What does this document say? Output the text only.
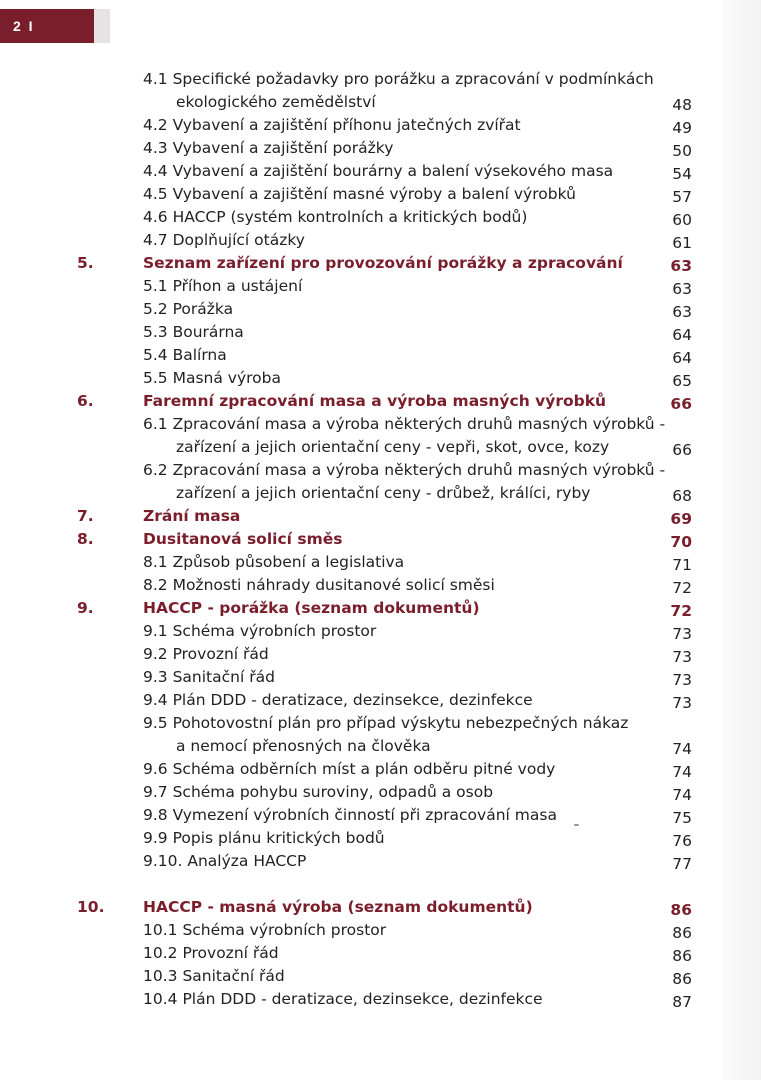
2 I
4.1 Specifické požadavky pro porážku a zpracování v podmínkách
ekologického zemědělství	48
4.2 Vybavení a zajištění příhonu jatečných zvířat	49
4.3 Vybavení a zajištění porážky	50
4.4 Vybavení a zajištění bourárny a balení výsekového masa	54
4.5 Vybavení a zajištění masné výroby a balení výrobků	57
4.6 HACCP (systém kontrolních a kritických bodů)	60
4.7 Doplňující otázky	61
5.	Seznam zařízení pro provozování porážky a zpracování	63
5.1 Příhon a ustájení	63
5.2 Porážka	63
5.3 Bourárna	64
5.4 Balírna	64
5.5 Masná výroba	65
6.	Faremní zpracování masa a výroba masných výrobků	66
6.1 Zpracování masa a výroba některých druhů masných výrobků -
zařízení a jejich orientační ceny - vepři, skot, ovce, kozy	66
6.2 Zpracování masa a výroba některých druhů masných výrobků -
zařízení a jejich orientační ceny - drůbež, králíci, ryby	68
7.	Zrání masa	69
8.	Dusitanová solicí směs	70
8.1 Způsob působení a legislativa	71
8.2 Možnosti náhrady dusitanové solicí směsi	72
9.	HACCP - porážka (seznam dokumentů)	72
9.1 Schéma výrobních prostor	73
9.2 Provozní řád	73
9.3 Sanitační řád	73
9.4 Plán DDD - deratizace, dezinsekce, dezinfekce	73
9.5 Pohotovostní plán pro případ výskytu nebezpečných nákaz
a nemocí přenosných na člověka	74
9.6 Schéma odběrních míst a plán odběru pitné vody	74
9.7 Schéma pohybu suroviny, odpadů a osob	74
9.8 Vymezení výrobních činností při zpracování masa	75
9.9 Popis plánu kritických bodů	76
9.10. Analýza HACCP	77
10. HACCP - masná výroba (seznam dokumentů)	86
10.1 Schéma výrobních prostor	86
10.2 Provozní řád	86
10.3 Sanitační řád	86
10.4 Plán DDD - deratizace, dezinsekce, dezinfekce	87
